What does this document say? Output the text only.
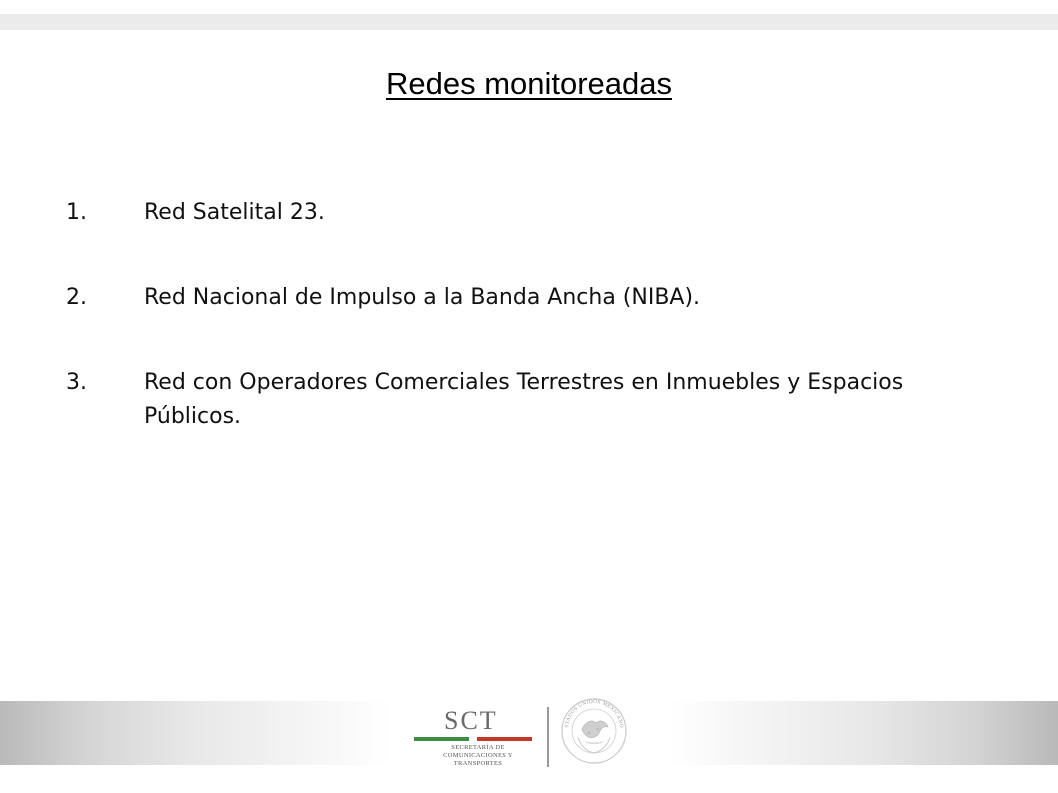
Redes monitoreadas
1.	Red Satelital 23.
2.	Red Nacional de Impulso a la Banda Ancha (NIBA).
3.	Red con Operadores Comerciales Terrestres en Inmuebles y Espacios Públicos.
SCT
SECRETARÍA DE COMUNICACIONES Y TRANSPORTES
STADOS UNIDOS MEXICANO
